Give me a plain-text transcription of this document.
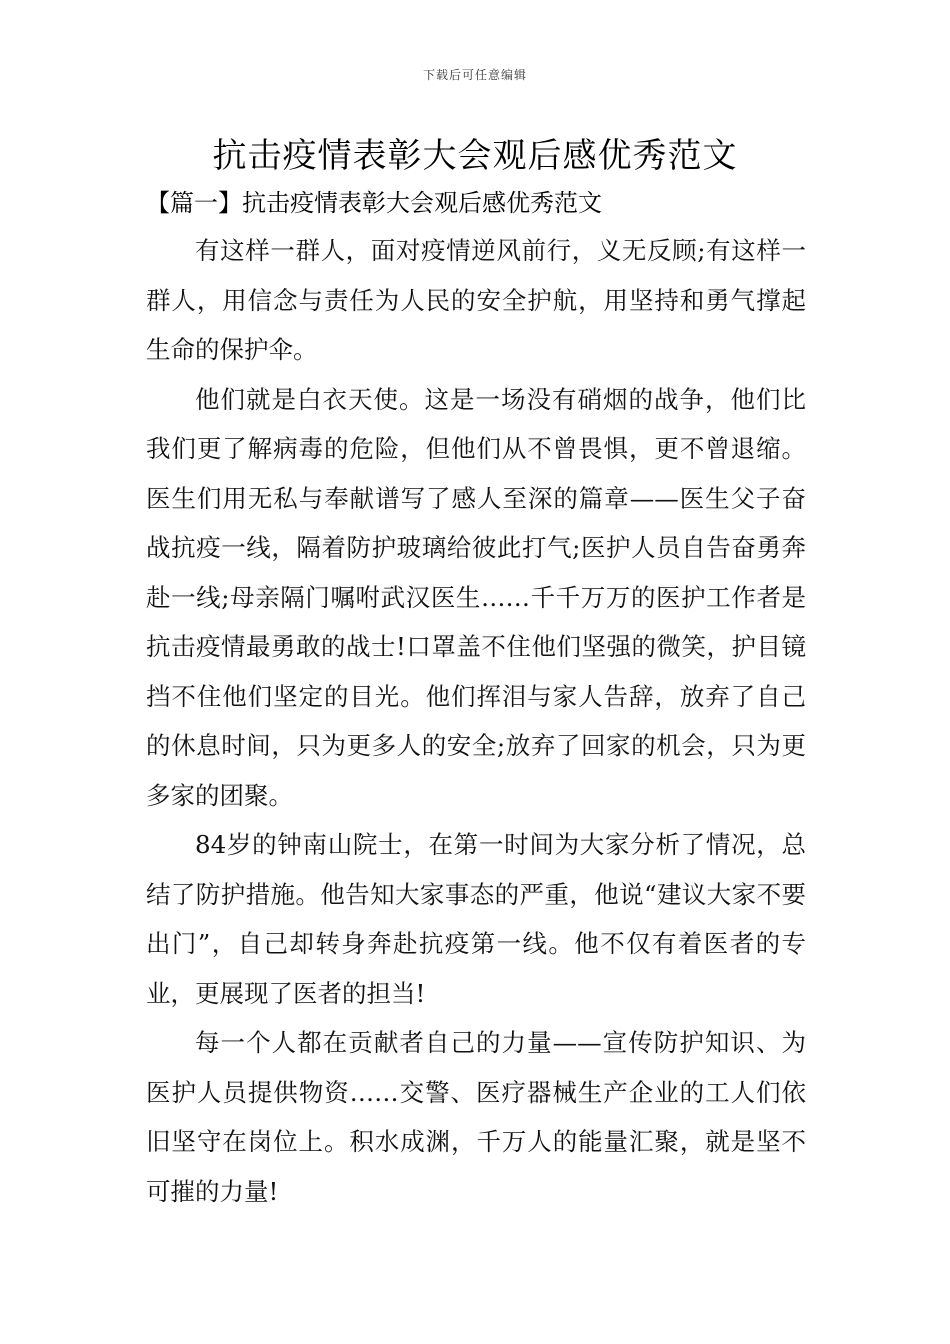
下载后可任意编辑
抗击疫情表彰大会观后感优秀范文
【篇一】抗击疫情表彰大会观后感优秀范文

有这样一群人，面对疫情逆风前行，义无反顾;有这样一群人，用信念与责任为人民的安全护航，用坚持和勇气撑起生命的保护伞。

他们就是白衣天使。这是一场没有硝烟的战争，他们比我们更了解病毒的危险，但他们从不曾畏惧，更不曾退缩。医生们用无私与奉献谱写了感人至深的篇章——医生父子奋战抗疫一线，隔着防护玻璃给彼此打气;医护人员自告奋勇奔赴一线;母亲隔门嘱咐武汉医生……千千万万的医护工作者是抗击疫情最勇敢的战士!口罩盖不住他们坚强的微笑，护目镜挡不住他们坚定的目光。他们挥泪与家人告辞，放弃了自己的休息时间，只为更多人的安全;放弃了回家的机会，只为更多家的团聚。

84岁的钟南山院士，在第一时间为大家分析了情况，总结了防护措施。他告知大家事态的严重，他说“建议大家不要出门”，自己却转身奔赴抗疫第一线。他不仅有着医者的专业，更展现了医者的担当!

每一个人都在贡献者自己的力量——宣传防护知识、为医护人员提供物资……交警、医疗器械生产企业的工人们依旧坚守在岗位上。积水成渊，千万人的能量汇聚，就是坚不可摧的力量!
